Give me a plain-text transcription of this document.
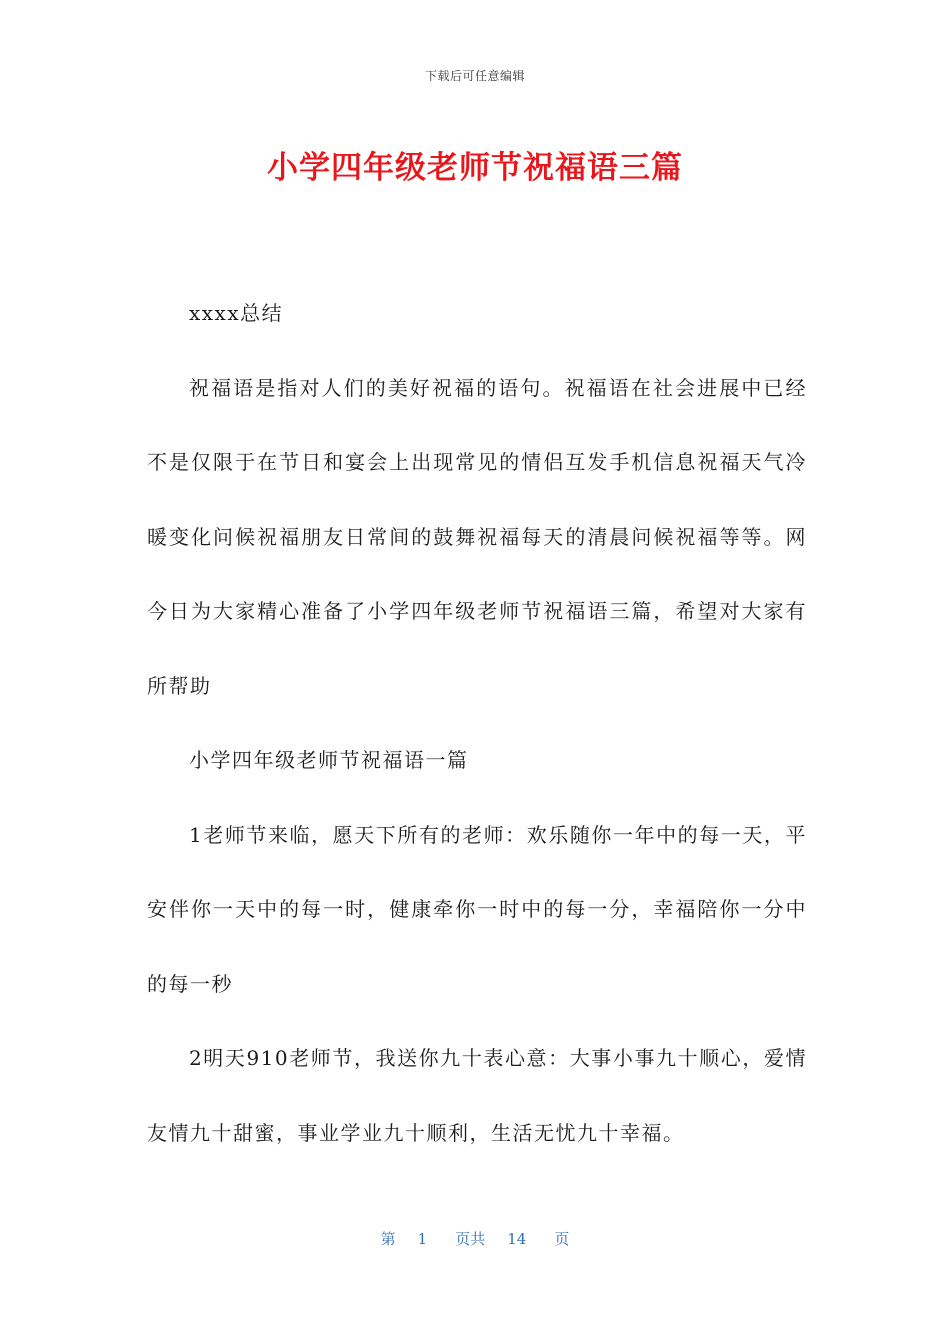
下载后可任意编辑
小学四年级老师节祝福语三篇

xxxx总结

祝福语是指对人们的美好祝福的语句。祝福语在社会进展中已经不是仅限于在节日和宴会上出现常见的情侣互发手机信息祝福天气冷暖变化问候祝福朋友日常间的鼓舞祝福每天的清晨问候祝福等等。网今日为大家精心准备了小学四年级老师节祝福语三篇，希望对大家有所帮助

小学四年级老师节祝福语一篇

1老师节来临，愿天下所有的老师：欢乐随你一年中的每一天，平安伴你一天中的每一时，健康牵你一时中的每一分，幸福陪你一分中的每一秒

2明天910老师节，我送你九十表心意：大事小事九十顺心，爱情友情九十甜蜜，事业学业九十顺利，生活无忧九十幸福。

第 1 页共 14 页
